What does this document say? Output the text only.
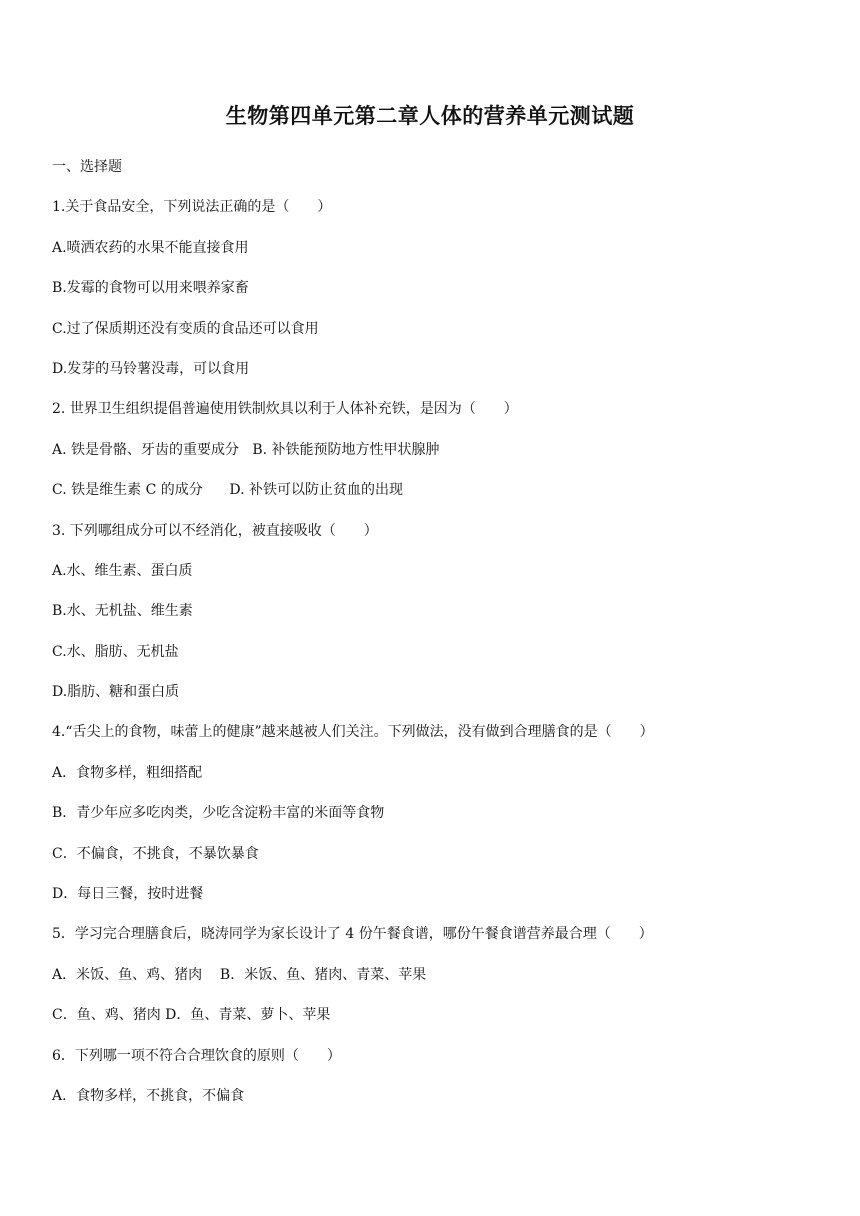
生物第四单元第二章人体的营养单元测试题
一、选择题
1.关于食品安全，下列说法正确的是（　　）
A.喷洒农药的水果不能直接食用
B.发霉的食物可以用来喂养家畜
C.过了保质期还没有变质的食品还可以食用
D.发芽的马铃薯没毒，可以食用
2. 世界卫生组织提倡普遍使用铁制炊具以利于人体补充铁，是因为（　　）
A. 铁是骨骼、牙齿的重要成分   B. 补铁能预防地方性甲状腺肿
C. 铁是维生素 C 的成分      D. 补铁可以防止贫血的出现
3. 下列哪组成分可以不经消化，被直接吸收（　　）
A.水、维生素、蛋白质
B.水、无机盐、维生素
C.水、脂肪、无机盐
D.脂肪、糖和蛋白质
4.“舌尖上的食物，味蕾上的健康”越来越被人们关注。下列做法，没有做到合理膳食的是（　　）
A．食物多样，粗细搭配
B．青少年应多吃肉类，少吃含淀粉丰富的米面等食物
C．不偏食，不挑食，不暴饮暴食
D．每日三餐，按时进餐
5．学习完合理膳食后，晓涛同学为家长设计了 4 份午餐食谱，哪份午餐食谱营养最合理（　　）
A．米饭、鱼、鸡、猪肉    B．米饭、鱼、猪肉、青菜、苹果
C．鱼、鸡、猪肉 D．鱼、青菜、萝卜、苹果
6．下列哪一项不符合合理饮食的原则（　　）
A．食物多样，不挑食，不偏食
